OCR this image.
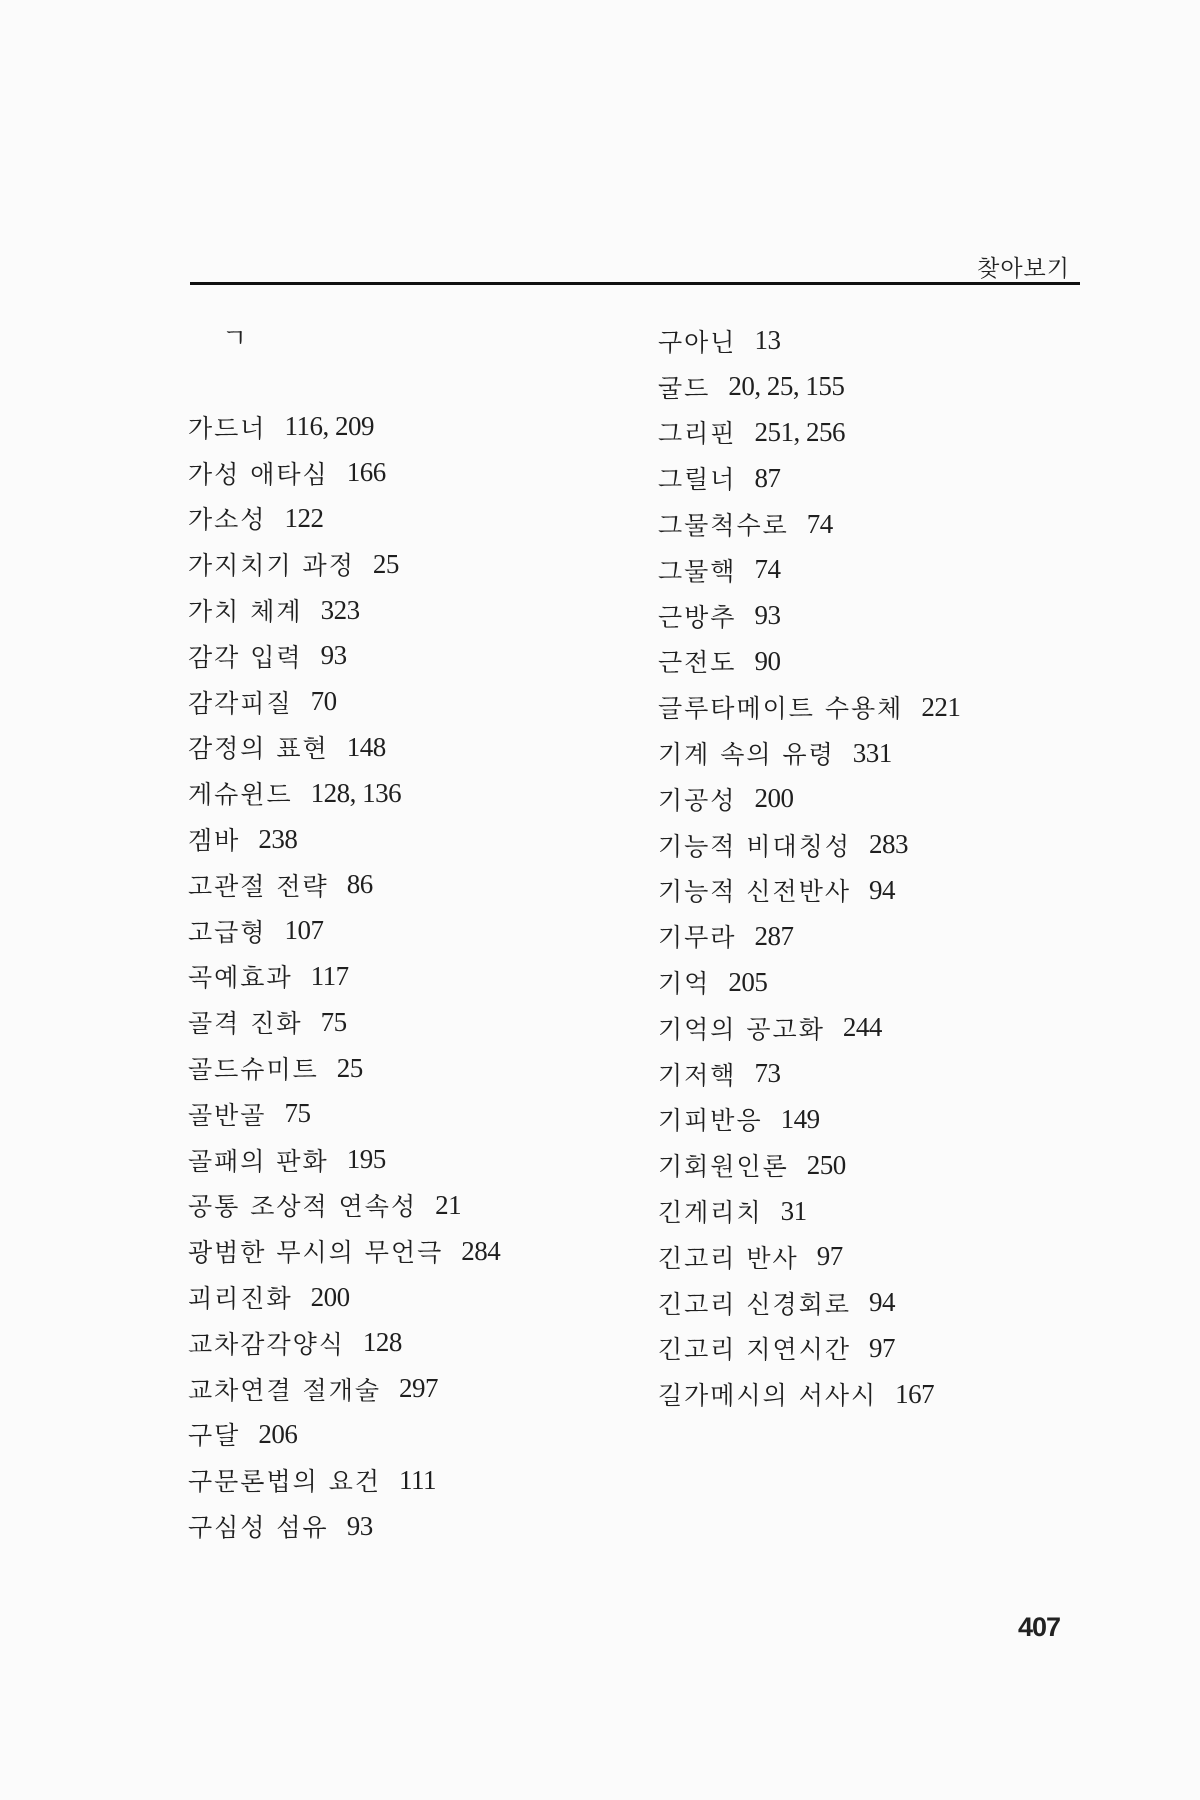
찾아보기
ㄱ
가드너 116, 209
가성 애타심 166
가소성 122
가지치기 과정 25
가치 체계 323
감각 입력 93
감각피질 70
감정의 표현 148
게슈윈드 128, 136
겜바 238
고관절 전략 86
고급형 107
곡예효과 117
골격 진화 75
골드슈미트 25
골반골 75
골패의 판화 195
공통 조상적 연속성 21
광범한 무시의 무언극 284
괴리진화 200
교차감각양식 128
교차연결 절개술 297
구달 206
구문론법의 요건 111
구심성 섬유 93
구아닌 13
굴드 20, 25, 155
그리핀 251, 256
그릴너 87
그물척수로 74
그물핵 74
근방추 93
근전도 90
글루타메이트 수용체 221
기계 속의 유령 331
기공성 200
기능적 비대칭성 283
기능적 신전반사 94
기무라 287
기억 205
기억의 공고화 244
기저핵 73
기피반응 149
기회원인론 250
긴게리치 31
긴고리 반사 97
긴고리 신경회로 94
긴고리 지연시간 97
길가메시의 서사시 167
407
